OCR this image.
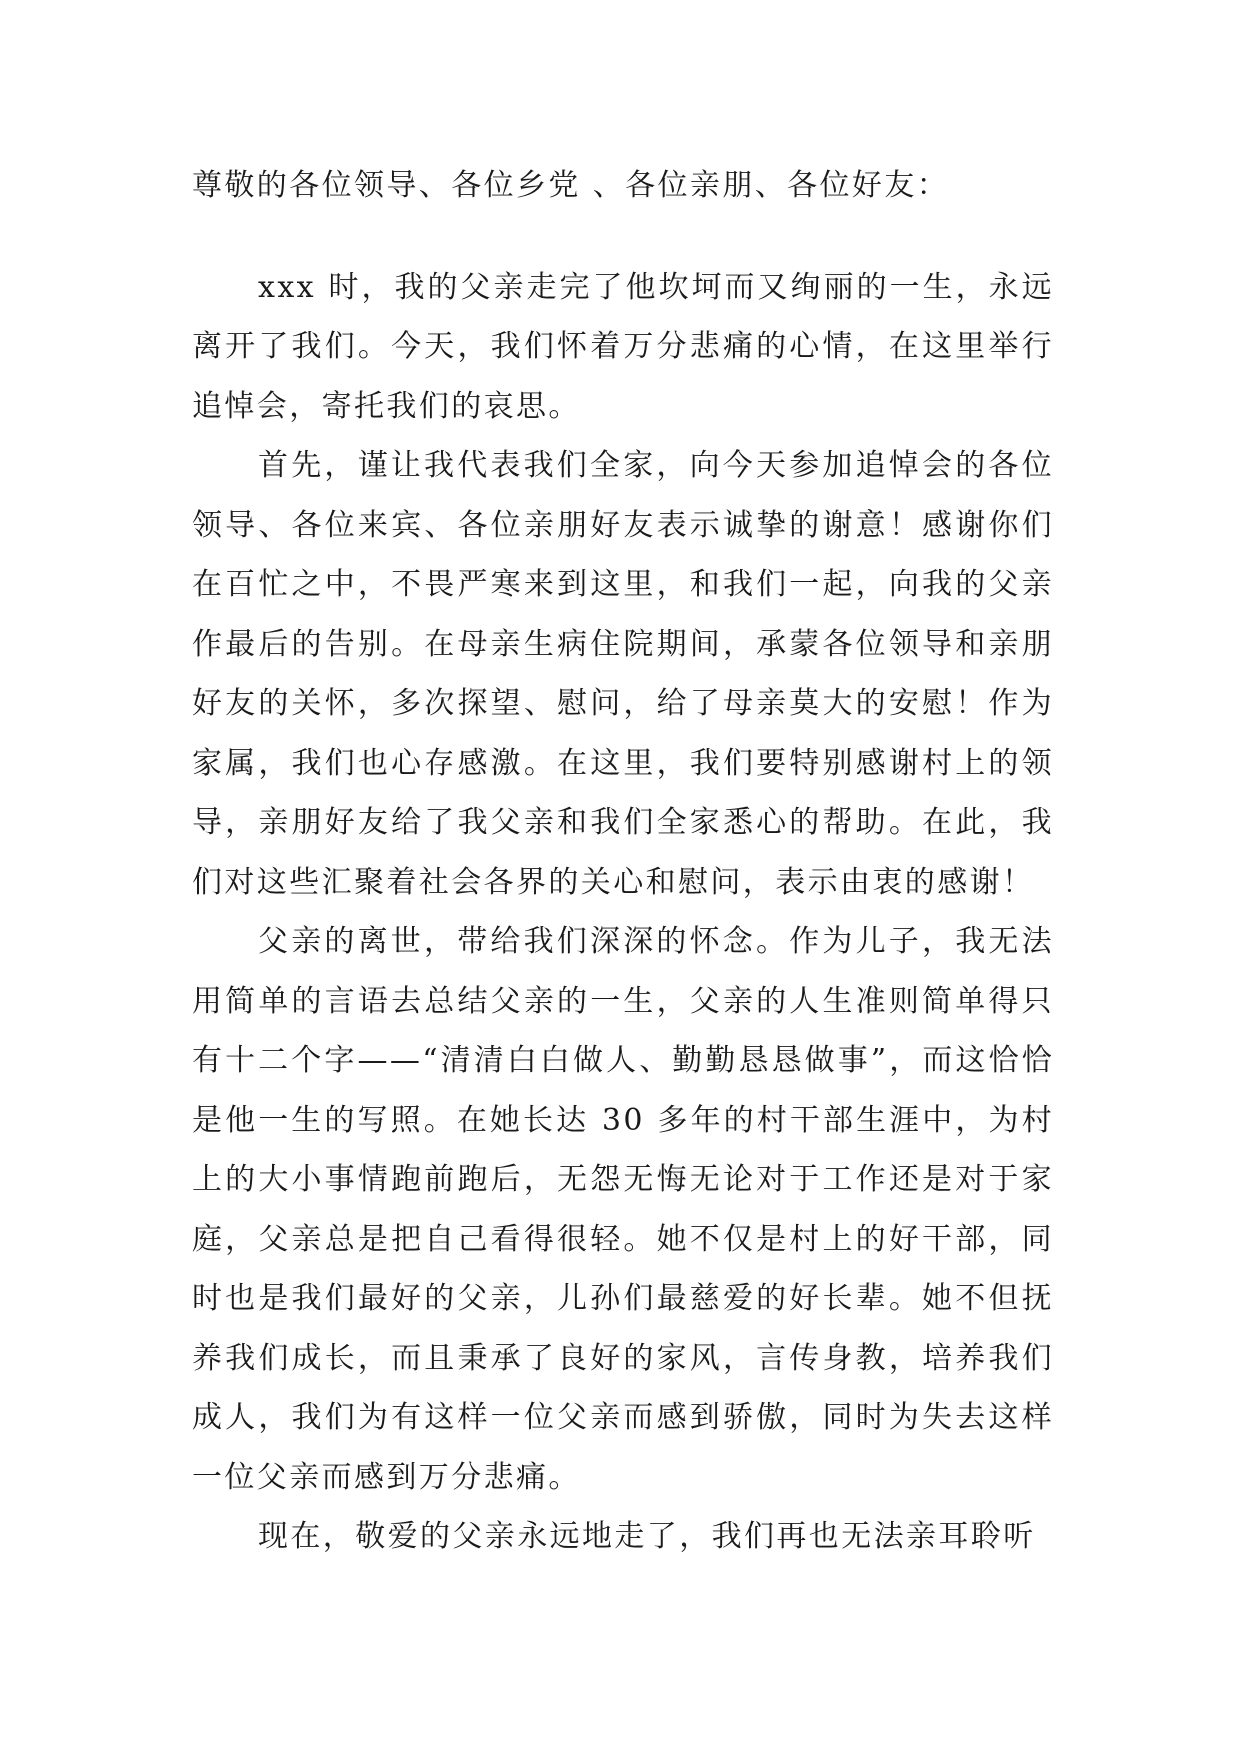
尊敬的各位领导、各位乡党 、各位亲朋、各位好友：

xxx 时，我的父亲走完了他坎坷而又绚丽的一生，永远离开了我们。今天，我们怀着万分悲痛的心情，在这里举行追悼会，寄托我们的哀思。

首先，谨让我代表我们全家，向今天参加追悼会的各位领导、各位来宾、各位亲朋好友表示诚挚的谢意！感谢你们在百忙之中，不畏严寒来到这里，和我们一起，向我的父亲作最后的告别。在母亲生病住院期间，承蒙各位领导和亲朋好友的关怀，多次探望、慰问，给了母亲莫大的安慰！作为家属，我们也心存感激。在这里，我们要特别感谢村上的领导，亲朋好友给了我父亲和我们全家悉心的帮助。在此，我们对这些汇聚着社会各界的关心和慰问，表示由衷的感谢！

父亲的离世，带给我们深深的怀念。作为儿子，我无法用简单的言语去总结父亲的一生，父亲的人生准则简单得只有十二个字——“清清白白做人、勤勤恳恳做事”，而这恰恰是他一生的写照。在她长达 30 多年的村干部生涯中，为村上的大小事情跑前跑后，无怨无悔无论对于工作还是对于家庭，父亲总是把自己看得很轻。她不仅是村上的好干部，同时也是我们最好的父亲，儿孙们最慈爱的好长辈。她不但抚养我们成长，而且秉承了良好的家风，言传身教，培养我们成人，我们为有这样一位父亲而感到骄傲，同时为失去这样一位父亲而感到万分悲痛。

现在，敬爱的父亲永远地走了，我们再也无法亲耳聆听
